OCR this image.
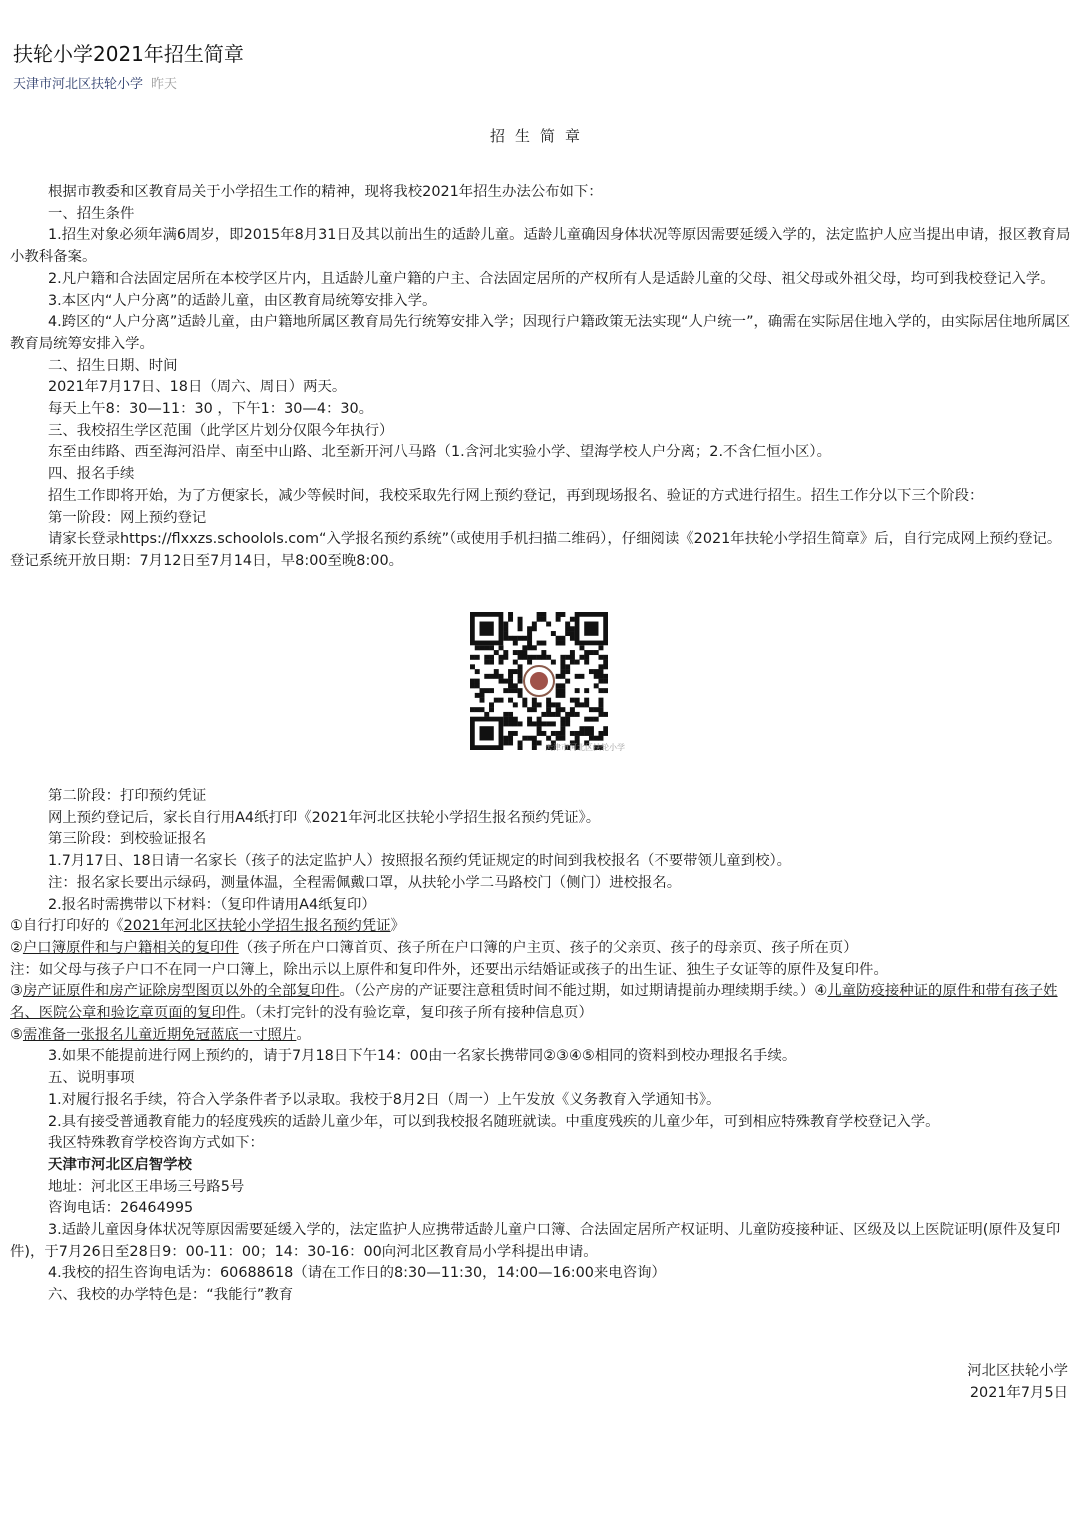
扶轮小学2021年招生简章
天津市河北区扶轮小学 昨天
招生简章

根据市教委和区教育局关于小学招生工作的精神，现将我校2021年招生办法公布如下：

一、招生条件

1.招生对象必须年满6周岁，即2015年8月31日及其以前出生的适龄儿童。适龄儿童确因身体状况等原因需要延缓入学的，法定监护人应当提出申请，报区教育局小教科备案。

2.凡户籍和合法固定居所在本校学区片内，且适龄儿童户籍的户主、合法固定居所的产权所有人是适龄儿童的父母、祖父母或外祖父母，均可到我校登记入学。

3.本区内“人户分离”的适龄儿童，由区教育局统筹安排入学。

4.跨区的“人户分离”适龄儿童，由户籍地所属区教育局先行统筹安排入学；因现行户籍政策无法实现“人户统一”，确需在实际居住地入学的，由实际居住地所属区教育局统筹安排入学。

二、招生日期、时间

2021年7月17日、18日（周六、周日）两天。

每天上午8：30—11：30 ，下午1：30—4：30。

三、我校招生学区范围（此学区片划分仅限今年执行）

东至由纬路、西至海河沿岸、南至中山路、北至新开河八马路（1.含河北实验小学、望海学校人户分离；2.不含仁恒小区）。

四、报名手续

招生工作即将开始，为了方便家长，减少等候时间，我校采取先行网上预约登记，再到现场报名、验证的方式进行招生。招生工作分以下三个阶段：

第一阶段：网上预约登记

请家长登录https://flxxzs.schoolols.com“入学报名预约系统”（或使用手机扫描二维码），仔细阅读《2021年扶轮小学招生简章》后，自行完成网上预约登记。登记系统开放日期：7月12日至7月14日，早8:00至晚8:00。

天津市河北区扶轮小学

第二阶段：打印预约凭证

网上预约登记后，家长自行用A4纸打印《2021年河北区扶轮小学招生报名预约凭证》。

第三阶段：到校验证报名

1.7月17日、18日请一名家长（孩子的法定监护人）按照报名预约凭证规定的时间到我校报名（不要带领儿童到校）。

注：报名家长要出示绿码，测量体温，全程需佩戴口罩，从扶轮小学二马路校门（侧门）进校报名。

2.报名时需携带以下材料：（复印件请用A4纸复印）

①自行打印好的《2021年河北区扶轮小学招生报名预约凭证》

②户口簿原件和与户籍相关的复印件（孩子所在户口簿首页、孩子所在户口簿的户主页、孩子的父亲页、孩子的母亲页、孩子所在页）

注：如父母与孩子户口不在同一户口簿上，除出示以上原件和复印件外，还要出示结婚证或孩子的出生证、独生子女证等的原件及复印件。

③房产证原件和房产证除房型图页以外的全部复印件。（公产房的产证要注意租赁时间不能过期，如过期请提前办理续期手续。）④儿童防疫接种证的原件和带有孩子姓名、医院公章和验讫章页面的复印件。（未打完针的没有验讫章，复印孩子所有接种信息页）

⑤需准备一张报名儿童近期免冠蓝底一寸照片。

3.如果不能提前进行网上预约的，请于7月18日下午14：00由一名家长携带同②③④⑤相同的资料到校办理报名手续。

五、说明事项

1.对履行报名手续，符合入学条件者予以录取。我校于8月2日（周一）上午发放《义务教育入学通知书》。

2.具有接受普通教育能力的轻度残疾的适龄儿童少年，可以到我校报名随班就读。中重度残疾的儿童少年，可到相应特殊教育学校登记入学。

我区特殊教育学校咨询方式如下：

天津市河北区启智学校

地址：河北区王串场三号路5号

咨询电话：26464995

3.适龄儿童因身体状况等原因需要延缓入学的，法定监护人应携带适龄儿童户口簿、合法固定居所产权证明、儿童防疫接种证、区级及以上医院证明(原件及复印件)，于7月26日至28日9：00-11：00；14：30-16：00向河北区教育局小学科提出申请。

4.我校的招生咨询电话为：60688618（请在工作日的8:30—11:30，14:00—16:00来电咨询）

六、我校的办学特色是：“我能行”教育

河北区扶轮小学
2021年7月5日
